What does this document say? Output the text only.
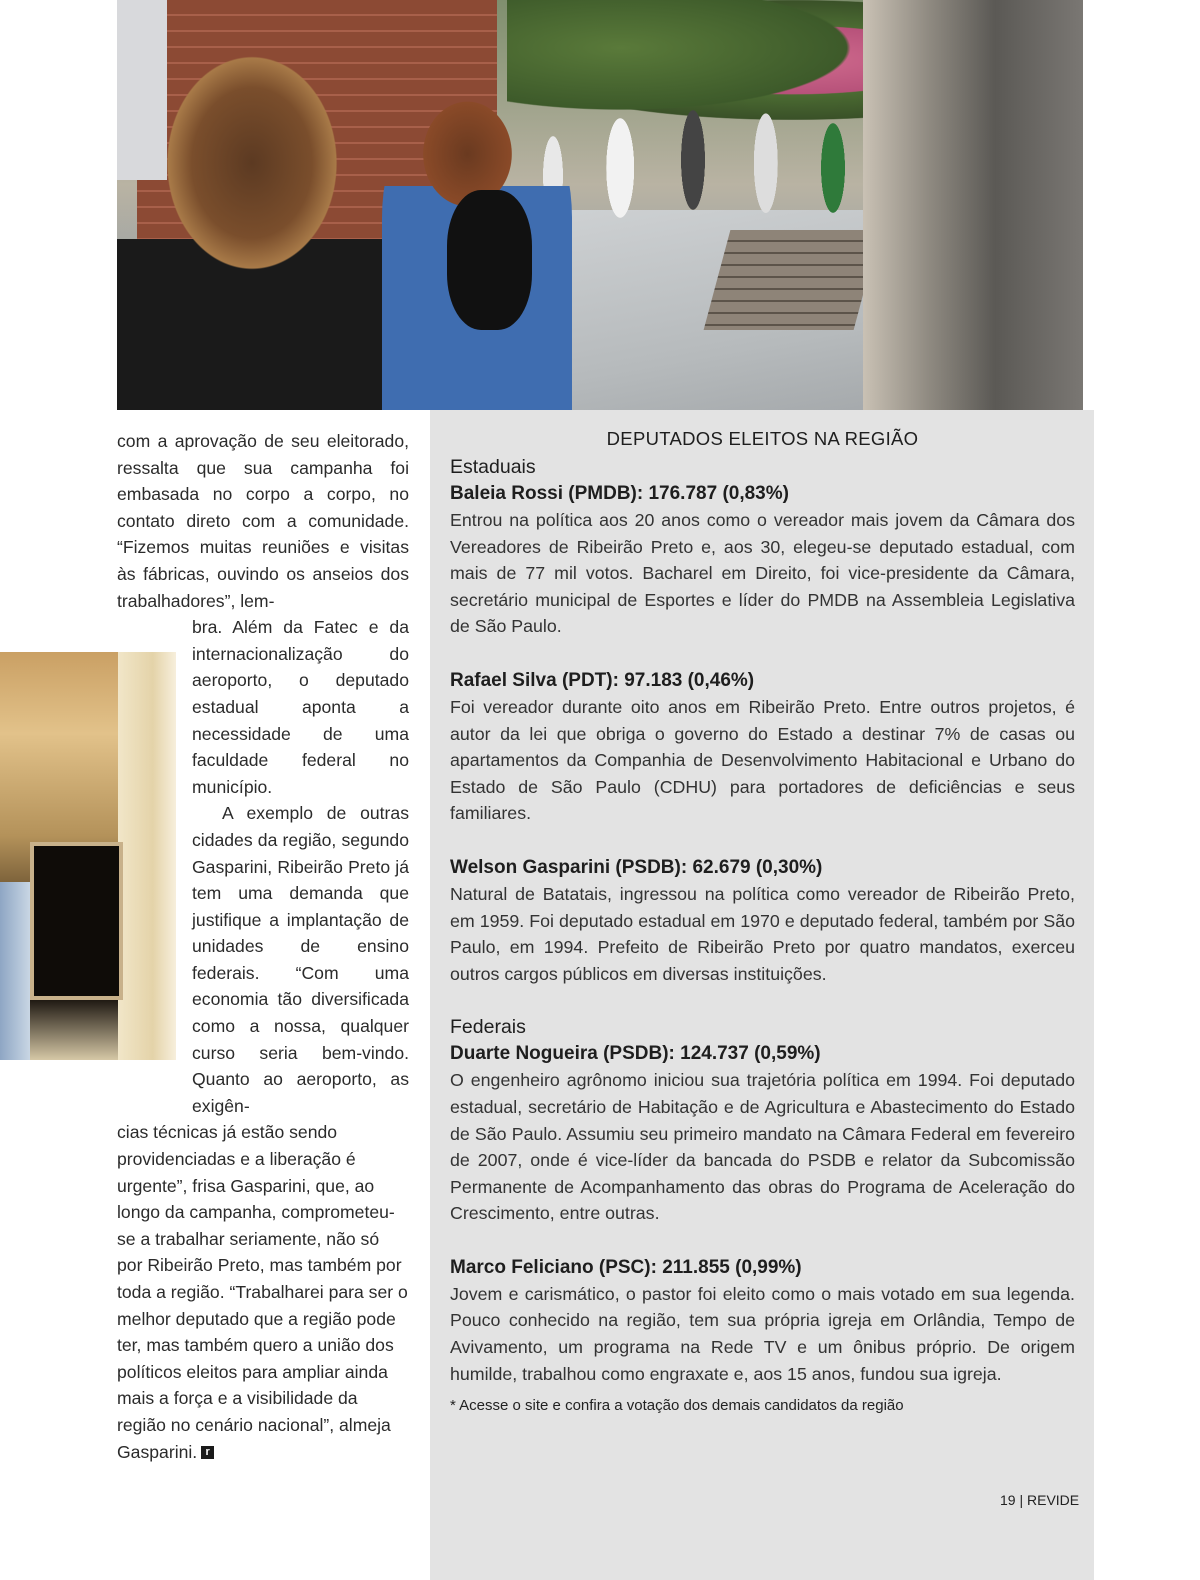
com a aprovação de seu eleitorado, ressalta que sua campanha foi embasada no corpo a corpo, no contato direto com a comunidade. “Fizemos muitas reuniões e visitas às fábricas, ouvindo os anseios dos trabalhadores”, lem-

bra. Além da Fatec e da internacionalização do aeroporto, o deputado estadual aponta a necessidade de uma faculdade federal no município.

A exemplo de outras cidades da região, segundo Gasparini, Ribeirão Preto já tem uma demanda que justifique a implantação de unidades de ensino federais. “Com uma economia tão diversificada como a nossa, qualquer curso seria bem-vindo. Quanto ao aeroporto, as exigên-

cias técnicas já estão sendo providenciadas e a liberação é urgente”, frisa Gasparini, que, ao longo da campanha, comprometeu-se a trabalhar seriamente, não só por Ribeirão Preto, mas também por toda a região. “Trabalharei para ser o melhor deputado que a região pode ter, mas também quero a união dos políticos eleitos para ampliar ainda mais a força e a visibilidade da região no cenário nacional”, almeja Gasparini. r

DEPUTADOS ELEITOS NA REGIÃO
Estaduais

Baleia Rossi (PMDB): 176.787 (0,83%)

Entrou na política aos 20 anos como o vereador mais jovem da Câmara dos Vereadores de Ribeirão Preto e, aos 30, elegeu-se deputado estadual, com mais de 77 mil votos. Bacharel em Direito, foi vice-presidente da Câmara, secretário municipal de Esportes e líder do PMDB na Assembleia Legislativa de São Paulo.

Rafael Silva (PDT): 97.183 (0,46%)

Foi vereador durante oito anos em Ribeirão Preto. Entre outros projetos, é autor da lei que obriga o governo do Estado a destinar 7% de casas ou apartamentos da Companhia de Desenvolvimento Habitacional e Urbano do Estado de São Paulo (CDHU) para portadores de deficiências e seus familiares.

Welson Gasparini (PSDB): 62.679 (0,30%)

Natural de Batatais, ingressou na política como vereador de Ribeirão Preto, em 1959. Foi deputado estadual em 1970 e deputado federal, também por São Paulo, em 1994. Prefeito de Ribeirão Preto por quatro mandatos, exerceu outros cargos públicos em diversas instituições.

Federais

Duarte Nogueira (PSDB): 124.737 (0,59%)

O engenheiro agrônomo iniciou sua trajetória política em 1994. Foi deputado estadual, secretário de Habitação e de Agricultura e Abastecimento do Estado de São Paulo. Assumiu seu primeiro mandato na Câmara Federal em fevereiro de 2007, onde é vice-líder da bancada do PSDB e relator da Subcomissão Permanente de Acompanhamento das obras do Programa de Aceleração do Crescimento, entre outras.

Marco Feliciano (PSC): 211.855 (0,99%)

Jovem e carismático, o pastor foi eleito como o mais votado em sua legenda. Pouco conhecido na região, tem sua própria igreja em Orlândia, Tempo de Avivamento, um programa na Rede TV e um ônibus próprio. De origem humilde, trabalhou como engraxate e, aos 15 anos, fundou sua igreja.

* Acesse o site e confira a votação dos demais candidatos da região

19 | REVIDE
